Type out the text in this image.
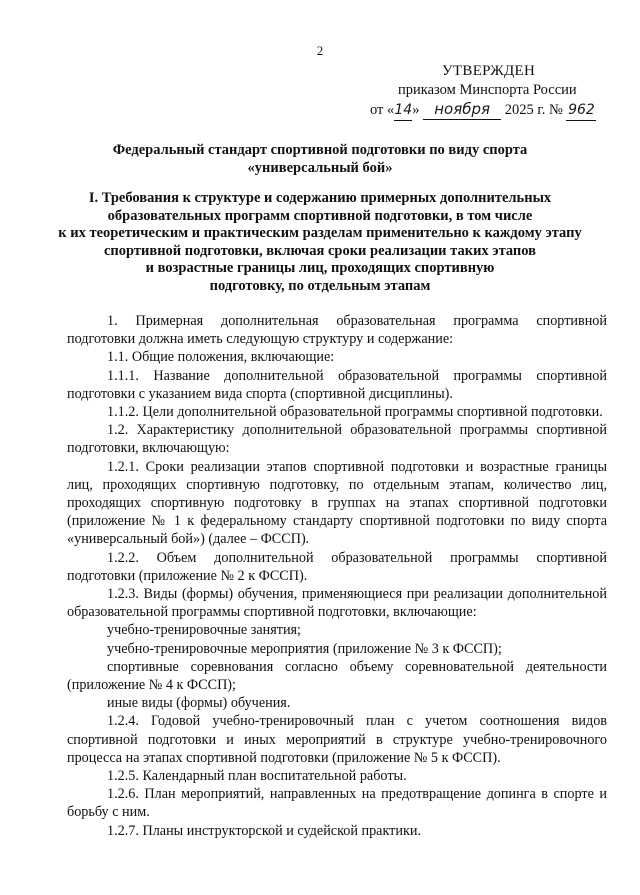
2
УТВЕРЖДЕН
приказом Минспорта России
от «14» ноября 2025 г. № 962
Федеральный стандарт спортивной подготовки по виду спорта
«универсальный бой»
I. Требования к структуре и содержанию примерных дополнительных
образовательных программ спортивной подготовки, в том числе
к их теоретическим и практическим разделам применительно к каждому этапу
спортивной подготовки, включая сроки реализации таких этапов
и возрастные границы лиц, проходящих спортивную
подготовку, по отдельным этапам

1. Примерная дополнительная образовательная программа спортивной подготовки должна иметь следующую структуру и содержание:

1.1. Общие положения, включающие:

1.1.1. Название дополнительной образовательной программы спортивной подготовки с указанием вида спорта (спортивной дисциплины).

1.1.2. Цели дополнительной образовательной программы спортивной подготовки.

1.2. Характеристику дополнительной образовательной программы спортивной подготовки, включающую:

1.2.1. Сроки реализации этапов спортивной подготовки и возрастные границы лиц, проходящих спортивную подготовку, по отдельным этапам, количество лиц, проходящих спортивную подготовку в группах на этапах спортивной подготовки (приложение № 1 к федеральному стандарту спортивной подготовки по виду спорта «универсальный бой») (далее – ФССП).

1.2.2. Объем дополнительной образовательной программы спортивной подготовки (приложение № 2 к ФССП).

1.2.3. Виды (формы) обучения, применяющиеся при реализации дополнительной образовательной программы спортивной подготовки, включающие:

учебно-тренировочные занятия;

учебно-тренировочные мероприятия (приложение № 3 к ФССП);

спортивные соревнования согласно объему соревновательной деятельности (приложение № 4 к ФССП);

иные виды (формы) обучения.

1.2.4. Годовой учебно-тренировочный план с учетом соотношения видов спортивной подготовки и иных мероприятий в структуре учебно-тренировочного процесса на этапах спортивной подготовки (приложение № 5 к ФССП).

1.2.5. Календарный план воспитательной работы.

1.2.6. План мероприятий, направленных на предотвращение допинга в спорте и борьбу с ним.

1.2.7. Планы инструкторской и судейской практики.
